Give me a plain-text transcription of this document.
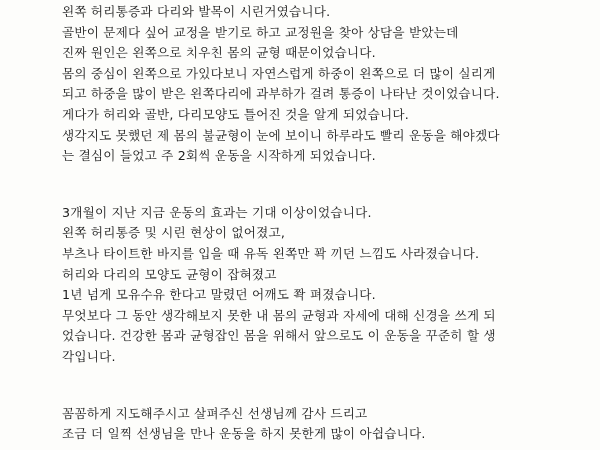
왼쪽 허리통증과 다리와 발목이 시린거였습니다.
골반이 문제다 싶어 교정을 받기로 하고 교정원을 찾아 상담을 받았는데
진짜 원인은 왼쪽으로 치우친 몸의 균형 때문이었습니다.
몸의 중심이 왼쪽으로 가있다보니 자연스럽게 하중이 왼쪽으로 더 많이 실리게
되고 하중을 많이 받은 왼쪽다리에 과부하가 걸려 통증이 나타난 것이었습니다.
게다가 허리와 골반, 다리모양도 틀어진 것을 알게 되었습니다.
생각지도 못했던 제 몸의 불균형이 눈에 보이니 하루라도 빨리 운동을 해야겠다
는 결심이 들었고 주 2회씩 운동을 시작하게 되었습니다.
3개월이 지난 지금 운동의 효과는 기대 이상이었습니다.
왼쪽 허리통증 및 시린 현상이 없어졌고,
부츠나 타이트한 바지를 입을 때 유독 왼쪽만 꽉 끼던 느낌도 사라졌습니다.
허리와 다리의 모양도 균형이 잡혀졌고
1년 넘게 모유수유 한다고 말렸던 어깨도 쫙 펴졌습니다.
무엇보다 그 동안 생각해보지 못한 내 몸의 균형과 자세에 대해 신경을 쓰게 되
었습니다. 건강한 몸과 균형잡인 몸을 위해서 앞으로도 이 운동을 꾸준히 할 생
각입니다.
꼼꼼하게 지도해주시고 살펴주신 선생님께 감사 드리고
조금 더 일찍 선생님을 만나 운동을 하지 못한게 많이 아쉽습니다.
